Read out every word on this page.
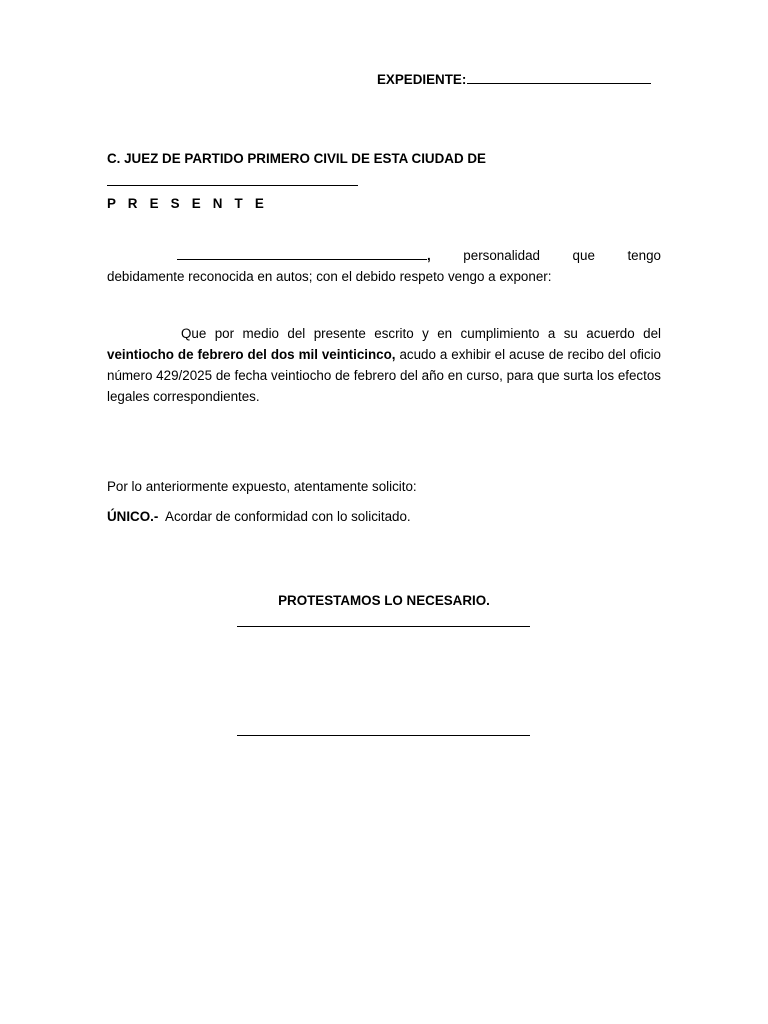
EXPEDIENTE:
C. JUEZ DE PARTIDO PRIMERO CIVIL DE ESTA CIUDAD DE
P R E S E N T E
, personalidad que tengo
debidamente reconocida en autos; con el debido respeto vengo a exponer:
Que por medio del presente escrito y en cumplimiento a su acuerdo del veintiocho de febrero del dos mil veinticinco, acudo a exhibir el acuse de recibo del oficio número 429/2025 de fecha veintiocho de febrero del año en curso, para que surta los efectos legales correspondientes.
Por lo anteriormente expuesto, atentamente solicito:
ÚNICO.-  Acordar de conformidad con lo solicitado.
PROTESTAMOS LO NECESARIO.
